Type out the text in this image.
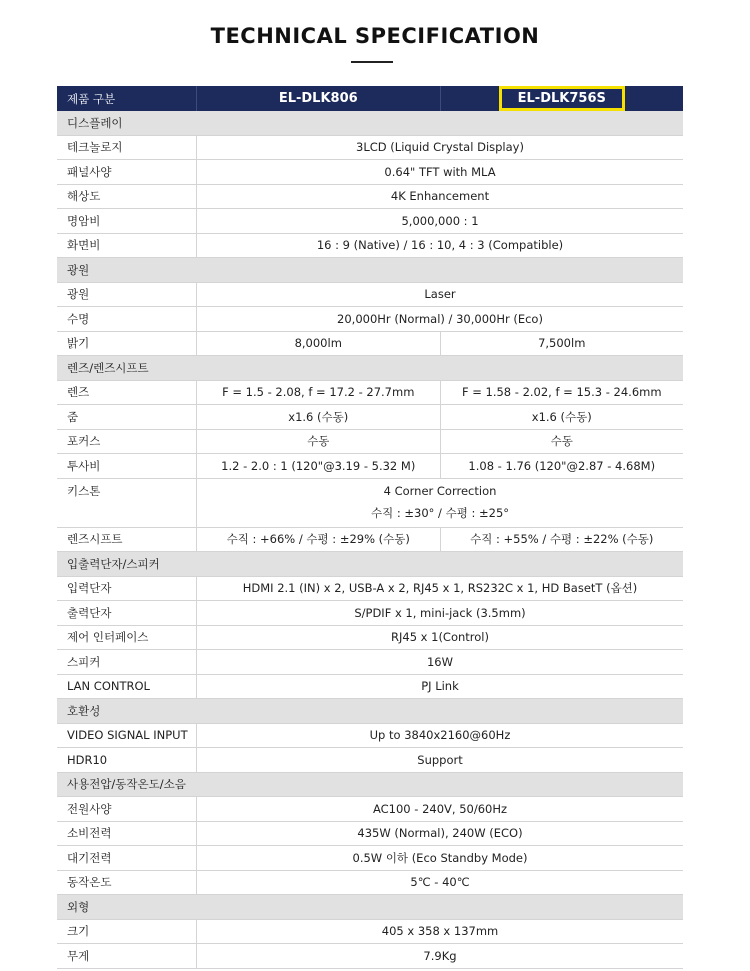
TECHNICAL SPECIFICATION
제품 구분	EL-DLK806	EL-DLK756S
디스플레이
테크놀로지	3LCD (Liquid Crystal Display)
패널사양	0.64" TFT with MLA
해상도	4K Enhancement
명암비	5,000,000 : 1
화면비	16 : 9 (Native) / 16 : 10, 4 : 3 (Compatible)
광원
광원	Laser
수명	20,000Hr (Normal) / 30,000Hr (Eco)
밝기	8,000lm	7,500lm
렌즈/렌즈시프트
렌즈	F = 1.5 - 2.08, f = 17.2 - 27.7mm	F = 1.58 - 2.02, f = 15.3 - 24.6mm
줌	x1.6 (수동)	x1.6 (수동)
포커스	수동	수동
투사비	1.2 - 2.0 : 1 (120"@3.19 - 5.32 M)	1.08 - 1.76 (120"@2.87 - 4.68M)
키스톤	4 Corner Correction
수직 : ±30° / 수평 : ±25°
렌즈시프트	수직 : +66% / 수평 : ±29% (수동)	수직 : +55% / 수평 : ±22% (수동)
입출력단자/스피커
입력단자	HDMI 2.1 (IN) x 2, USB-A x 2, RJ45 x 1, RS232C x 1, HD BasetT (옵션)
출력단자	S/PDIF x 1, mini-jack (3.5mm)
제어 인터페이스	RJ45 x 1(Control)
스피커	16W
LAN CONTROL	PJ Link
호환성
VIDEO SIGNAL INPUT	Up to 3840x2160@60Hz
HDR10	Support
사용전압/동작온도/소음
전원사양	AC100 - 240V, 50/60Hz
소비전력	435W (Normal), 240W (ECO)
대기전력	0.5W 이하 (Eco Standby Mode)
동작온도	5℃ - 40℃
외형
크기	405 x 358 x 137mm
무게	7.9Kg
